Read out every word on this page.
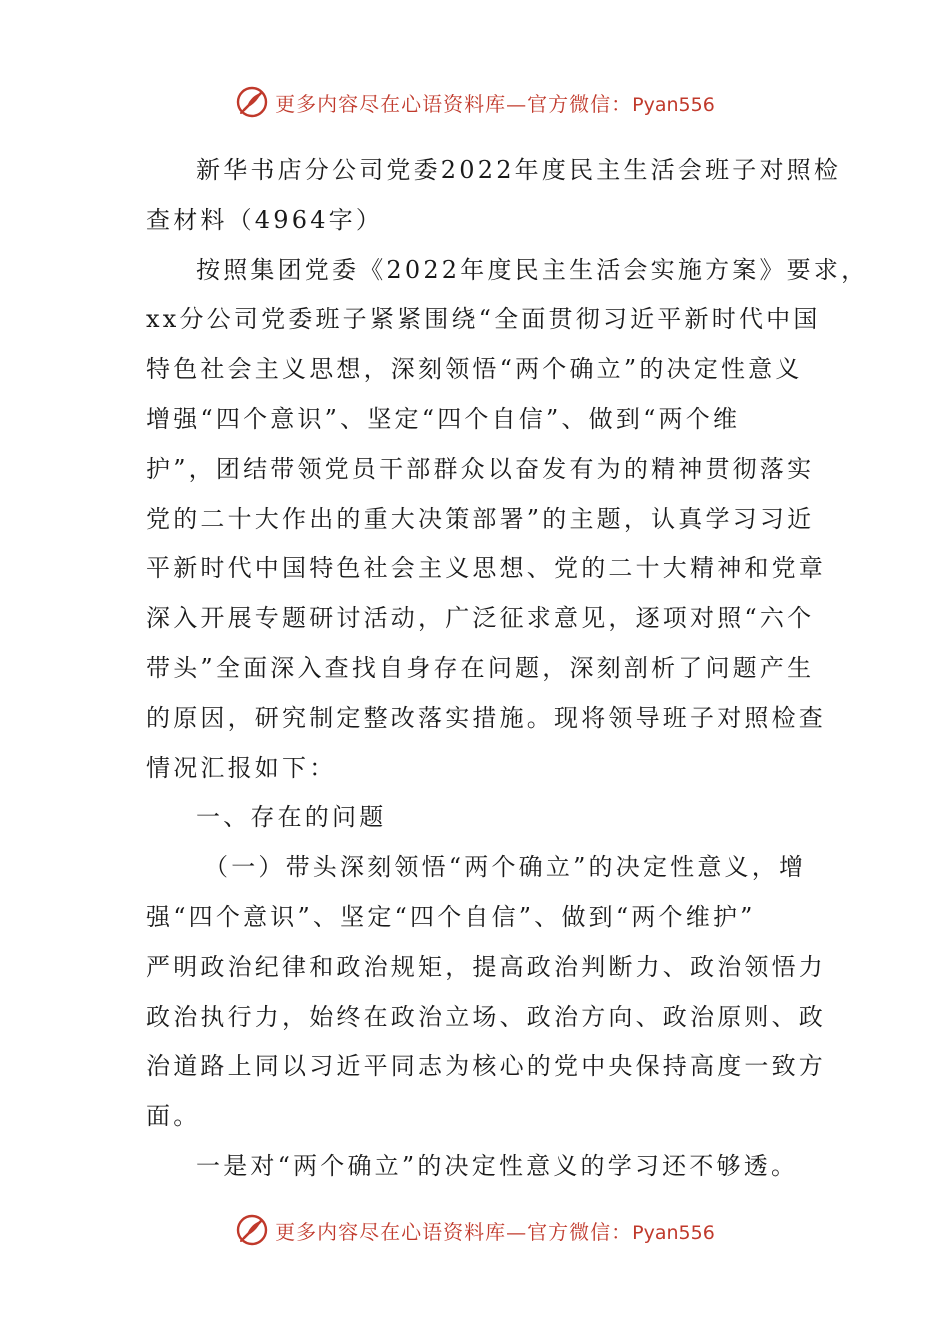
更多内容尽在心语资料库—官方微信：Pyan556
新华书店分公司党委2022年度民主生活会班子对照检
查材料（4964字）
按照集团党委《2022年度民主生活会实施方案》要求，
xx分公司党委班子紧紧围绕“全面贯彻习近平新时代中国
特色社会主义思想，深刻领悟“两个确立”的决定性意义
增强“四个意识”、坚定“四个自信”、做到“两个维
护”，团结带领党员干部群众以奋发有为的精神贯彻落实
党的二十大作出的重大决策部署”的主题，认真学习习近
平新时代中国特色社会主义思想、党的二十大精神和党章
深入开展专题研讨活动，广泛征求意见，逐项对照“六个
带头”全面深入查找自身存在问题，深刻剖析了问题产生
的原因，研究制定整改落实措施。现将领导班子对照检查
情况汇报如下：
一、存在的问题
（一）带头深刻领悟“两个确立”的决定性意义，增
强“四个意识”、坚定“四个自信”、做到“两个维护”
严明政治纪律和政治规矩，提高政治判断力、政治领悟力
政治执行力，始终在政治立场、政治方向、政治原则、政
治道路上同以习近平同志为核心的党中央保持高度一致方
面。
一是对“两个确立”的决定性意义的学习还不够透。
更多内容尽在心语资料库—官方微信：Pyan556
